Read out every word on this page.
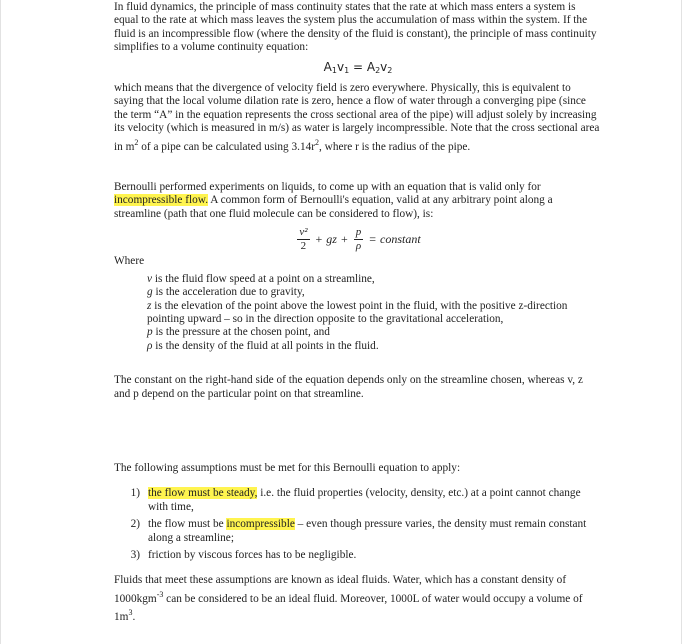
In fluid dynamics, the principle of mass continuity states that the rate at which mass enters a system is equal to the rate at which mass leaves the system plus the accumulation of mass within the system. If the fluid is an incompressible flow (where the density of the fluid is constant), the principle of mass continuity simplifies to a volume continuity equation:

$A_1v_1 = A_2v_2$

which means that the divergence of velocity field is zero everywhere. Physically, this is equivalent to saying that the local volume dilation rate is zero, hence a flow of water through a converging pipe (since the term “A” in the equation represents the cross sectional area of the pipe) will adjust solely by increasing its velocity (which is measured in m/s) as water is largely incompressible. Note that the cross sectional area in $m^2$ of a pipe can be calculated using $3.14r^2$, where r is the radius of the pipe.

Bernoulli performed experiments on liquids, to come up with an equation that is valid only for incompressible flow. A common form of Bernoulli's equation, valid at any arbitrary point along a streamline (path that one fluid molecule can be considered to flow), is:

$\frac{\text{v²}}{2}$ + gz + $\frac{p}{\rho}$ = constant

Where

v is the fluid flow speed at a point on a streamline,
g is the acceleration due to gravity,
z is the elevation of the point above the lowest point in the fluid, with the positive z-direction pointing upward – so in the direction opposite to the gravitational acceleration,
p is the pressure at the chosen point, and
ρ is the density of the fluid at all points in the fluid.

The constant on the right-hand side of the equation depends only on the streamline chosen, whereas v, z and p depend on the particular point on that streamline.

The following assumptions must be met for this Bernoulli equation to apply:

1) the flow must be steady, i.e. the fluid properties (velocity, density, etc.) at a point cannot change with time,
2) the flow must be incompressible – even though pressure varies, the density must remain constant along a streamline;
3) friction by viscous forces has to be negligible.

Fluids that meet these assumptions are known as ideal fluids. Water, which has a constant density of 1000kgm$^{-3}$ can be considered to be an ideal fluid. Moreover, 1000L of water would occupy a volume of $1m^3$.
